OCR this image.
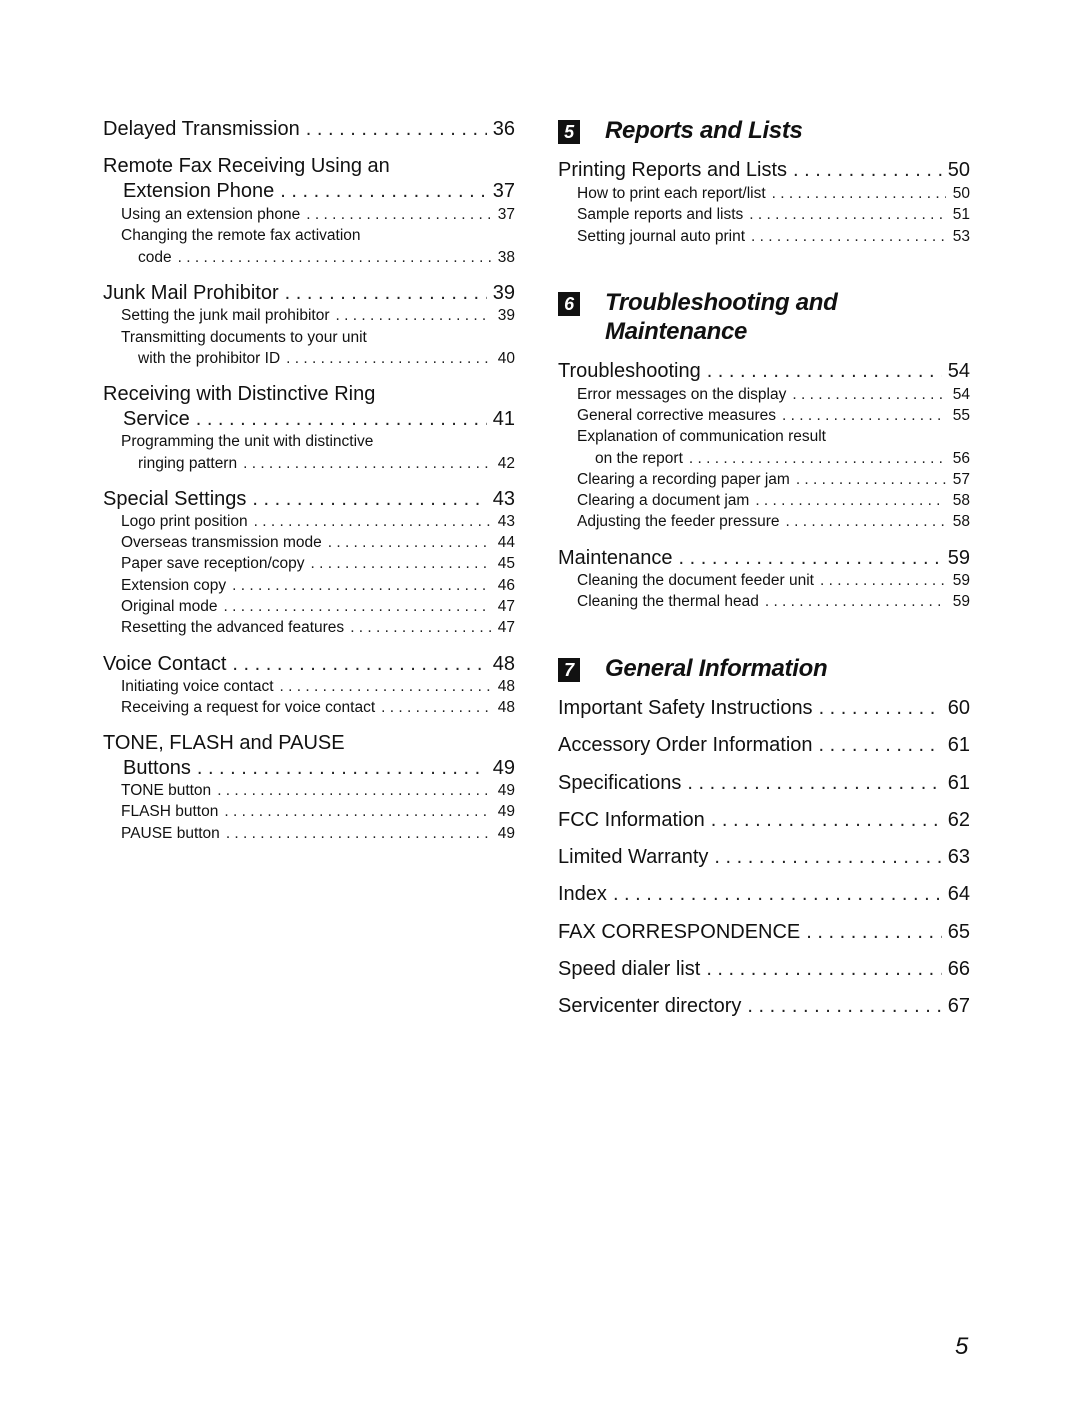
Delayed Transmission . . .	36
Remote Fax Receiving Using an
Extension Phone . . .	37
Using an extension phone . . .	37
Changing the remote fax activation
code . . .	38
Junk Mail Prohibitor . . .	39
Setting the junk mail prohibitor . . .	39
Transmitting documents to your unit
with the prohibitor ID . . .	40
Receiving with Distinctive Ring
Service . . .	41
Programming the unit with distinctive
ringing pattern . . .	42
Special Settings . . .	43
Logo print position . . .	43
Overseas transmission mode . . .	44
Paper save reception/copy . . .	45
Extension copy . . .	46
Original mode . . .	47
Resetting the advanced features . . .	47
Voice Contact . . .	48
Initiating voice contact . . .	48
Receiving a request for voice contact . . .	48
TONE, FLASH and PAUSE
Buttons . . .	49
TONE button . . .	49
FLASH button . . .	49
PAUSE button . . .	49
5 Reports and Lists
Printing Reports and Lists . . .	50
How to print each report/list . . .	50
Sample reports and lists . . .	51
Setting journal auto print . . .	53
6 Troubleshooting and
Maintenance
Troubleshooting . . .	54
Error messages on the display . . .	54
General corrective measures . . .	55
Explanation of communication result
on the report . . .	56
Clearing a recording paper jam . . .	57
Clearing a document jam . . .	58
Adjusting the feeder pressure . . .	58
Maintenance . . .	59
Cleaning the document feeder unit . . .	59
Cleaning the thermal head . . .	59
7 General Information
Important Safety Instructions . . .	60
Accessory Order Information . . .	61
Specifications . . .	61
FCC Information . . .	62
Limited Warranty . . .	63
Index . . .	64
FAX CORRESPONDENCE . . .	65
Speed dialer list . . .	66
Servicenter directory . . .	67
5
